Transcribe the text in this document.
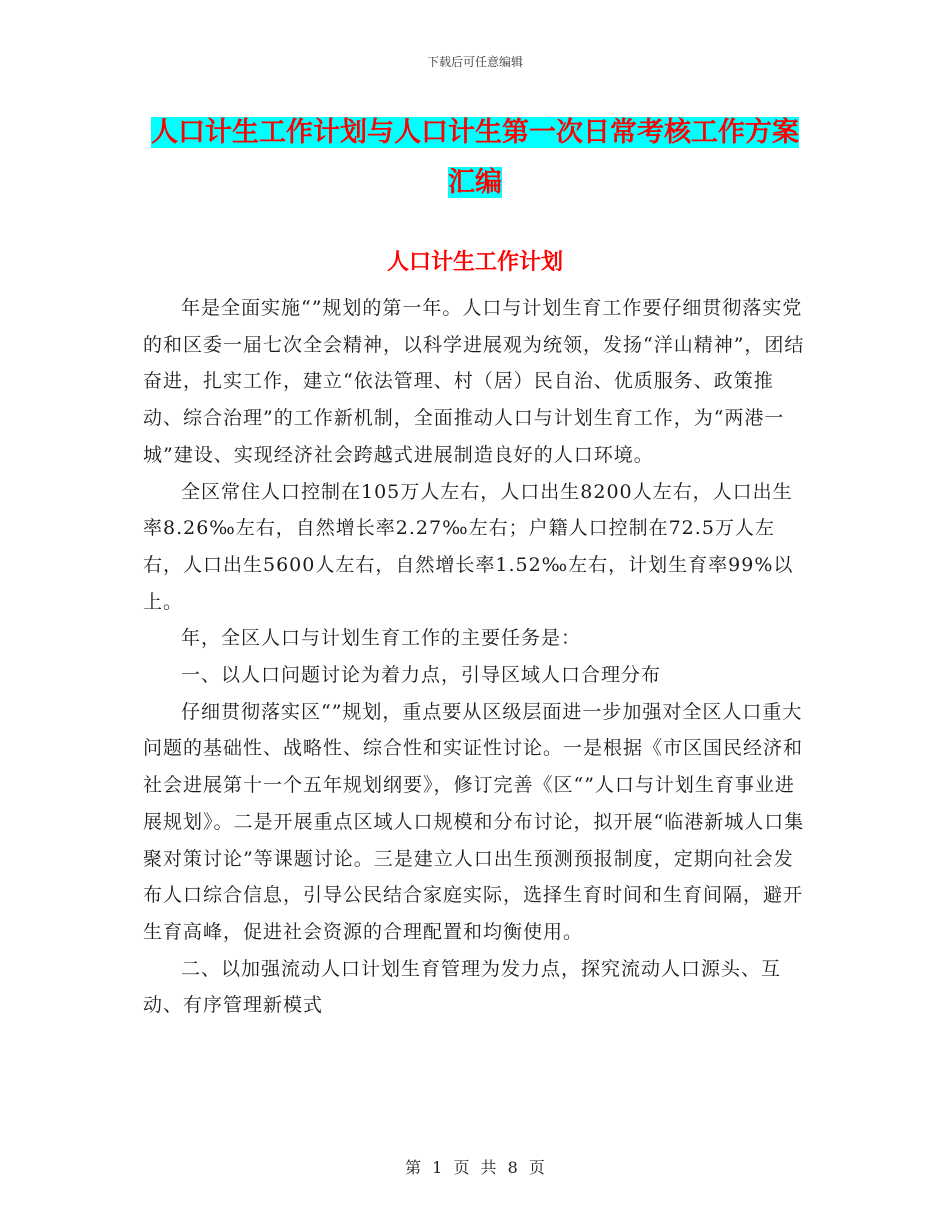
下载后可任意编辑
人口计生工作计划与人口计生第一次日常考核工作方案汇编
人口计生工作计划

年是全面实施“”规划的第一年。人口与计划生育工作要仔细贯彻落实党的和区委一届七次全会精神，以科学进展观为统领，发扬“洋山精神”，团结奋进，扎实工作，建立“依法管理、村（居）民自治、优质服务、政策推动、综合治理”的工作新机制，全面推动人口与计划生育工作，为“两港一城”建设、实现经济社会跨越式进展制造良好的人口环境。

全区常住人口控制在105万人左右，人口出生8200人左右，人口出生率8.26‰左右，自然增长率2.27‰左右；户籍人口控制在72.5万人左右，人口出生5600人左右，自然增长率1.52‰左右，计划生育率99%以上。

年，全区人口与计划生育工作的主要任务是：

一、以人口问题讨论为着力点，引导区域人口合理分布

仔细贯彻落实区“”规划，重点要从区级层面进一步加强对全区人口重大问题的基础性、战略性、综合性和实证性讨论。一是根据《市区国民经济和社会进展第十一个五年规划纲要》，修订完善《区“”人口与计划生育事业进展规划》。二是开展重点区域人口规模和分布讨论，拟开展“临港新城人口集聚对策讨论”等课题讨论。三是建立人口出生预测预报制度，定期向社会发布人口综合信息，引导公民结合家庭实际，选择生育时间和生育间隔，避开生育高峰，促进社会资源的合理配置和均衡使用。

二、以加强流动人口计划生育管理为发力点，探究流动人口源头、互动、有序管理新模式

第 1 页 共 8 页
